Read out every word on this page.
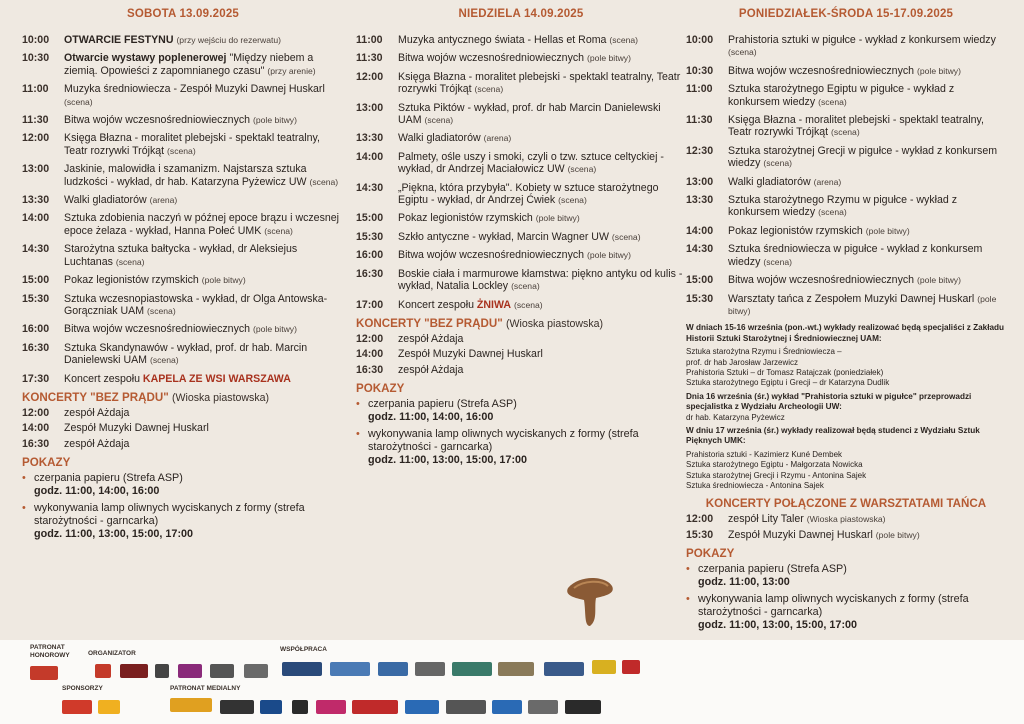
SOBOTA 13.09.2025
10:00	OTWARCIE FESTYNU (przy wejściu do rezerwatu)
10:30	Otwarcie wystawy poplenerowej "Między niebem a ziemią. Opowieści z zapomnianego czasu" (przy arenie)
11:00	Muzyka średniowiecza - Zespół Muzyki Dawnej Huskarl (scena)
11:30	Bitwa wojów wczesnośredniowiecznych (pole bitwy)
12:00	Księga Błazna - moralitet plebejski - spektakl teatralny, Teatr rozrywki Trójkąt (scena)
13:00	Jaskinie, malowidła i szamanizm. Najstarsza sztuka ludzkości - wykład, dr hab. Katarzyna Pyżewicz UW (scena)
13:30	Walki gladiatorów (arena)
14:00	Sztuka zdobienia naczyń w późnej epoce brązu i wczesnej epoce żelaza - wykład, Hanna Połeć UMK (scena)
14:30	Starożytna sztuka bałtycka - wykład, dr Aleksiejus Luchtanas (scena)
15:00	Pokaz legionistów rzymskich (pole bitwy)
15:30	Sztuka wczesnopiastowska - wykład, dr Olga Antowska-Gorączniak UAM (scena)
16:00	Bitwa wojów wczesnośredniowiecznych (pole bitwy)
16:30	Sztuka Skandynawów - wykład, prof. dr hab. Marcin Danielewski UAM (scena)
17:30	Koncert zespołu KAPELA ZE WSI WARSZAWA
KONCERTY "BEZ PRĄDU" (Wioska piastowska)
12:00	zespół Ażdaja
14:00	Zespół Muzyki Dawnej Huskarl
16:30	zespół Ażdaja
POKAZY
• czerpania papieru (Strefa ASP)
godz. 11:00, 14:00, 16:00
• wykonywania lamp oliwnych wyciskanych z formy (strefa starożytności - garncarka)
godz. 11:00, 13:00, 15:00, 17:00
NIEDZIELA 14.09.2025
11:00	Muzyka antycznego świata - Hellas et Roma (scena)
11:30	Bitwa wojów wczesnośredniowiecznych (pole bitwy)
12:00	Księga Błazna - moralitet plebejski - spektakl teatralny, Teatr rozrywki Trójkąt (scena)
13:00	Sztuka Piktów - wykład, prof. dr hab Marcin Danielewski UAM (scena)
13:30	Walki gladiatorów (arena)
14:00	Palmety, ośle uszy i smoki, czyli o tzw. sztuce celtyckiej - wykład, dr Andrzej Maciałowicz UW (scena)
14:30	„Piękna, która przybyła". Kobiety w sztuce starożytnego Egiptu - wykład, dr Andrzej Ćwiek (scena)
15:00	Pokaz legionistów rzymskich (pole bitwy)
15:30	Szkło antyczne - wykład, Marcin Wagner UW (scena)
16:00	Bitwa wojów wczesnośredniowiecznych (pole bitwy)
16:30	Boskie ciała i marmurowe kłamstwa: piękno antyku od kulis - wykład, Natalia Lockley (scena)
17:00	Koncert zespołu ŻNIWA (scena)
KONCERTY "BEZ PRĄDU" (Wioska piastowska)
12:00	zespół Ażdaja
14:00	Zespół Muzyki Dawnej Huskarl
16:30	zespół Ażdaja
POKAZY
• czerpania papieru (Strefa ASP)
godz. 11:00, 14:00, 16:00
• wykonywania lamp oliwnych wyciskanych z formy (strefa starożytności - garncarka)
godz. 11:00, 13:00, 15:00, 17:00
PONIEDZIAŁEK-ŚRODA 15-17.09.2025
10:00	Prahistoria sztuki w pigułce - wykład z konkursem wiedzy (scena)
10:30	Bitwa wojów wczesnośredniowiecznych (pole bitwy)
11:00	Sztuka starożytnego Egiptu w pigułce - wykład z konkursem wiedzy (scena)
11:30	Księga Błazna - moralitet plebejski - spektakl teatralny, Teatr rozrywki Trójkąt (scena)
12:30	Sztuka starożytnej Grecji w pigułce - wykład z konkursem wiedzy (scena)
13:00	Walki gladiatorów (arena)
13:30	Sztuka starożytnego Rzymu w pigułce - wykład z konkursem wiedzy (scena)
14:00	Pokaz legionistów rzymskich (pole bitwy)
14:30	Sztuka średniowiecza w pigułce - wykład z konkursem wiedzy (scena)
15:00	Bitwa wojów wczesnośredniowiecznych (pole bitwy)
15:30	Warsztaty tańca z Zespołem Muzyki Dawnej Huskarl (pole bitwy)

W dniach 15-16 września (pon.-wt.) wykłady realizować będą specjaliści z Zakładu Historii Sztuki Starożytnej i Średniowiecznej UAM:

Sztuka starożytna Rzymu i Średniowiecza –
prof. dr hab Jarosław Jarzewicz
Prahistoria Sztuki – dr Tomasz Ratajczak (poniedziałek)
Sztuka starożytnego Egiptu i Grecji – dr Katarzyna Dudlik

Dnia 16 września (śr.) wykład "Prahistoria sztuki w pigułce" przeprowadzi specjalistka z Wydziału Archeologii UW:
dr hab. Katarzyna Pyżewicz

W dniu 17 września (śr.) wykłady realizował będą studenci z Wydziału Sztuk Pięknych UMK:

Prahistoria sztuki - Kazimierz Kuné Dembek
Sztuka starożytnego Egiptu - Małgorzata Nowicka
Sztuka starożytnej Grecji i Rzymu - Antonina Sajek
Sztuka średniowiecza - Antonina Sajek

KONCERTY POŁĄCZONE Z WARSZTATAMI TAŃCA
12:00	zespół Lity Taler (Wioska piastowska)
15:30	Zespół Muzyki Dawnej Huskarl (pole bitwy)
POKAZY
• czerpania papieru (Strefa ASP)
godz. 11:00, 13:00
• wykonywania lamp oliwnych wyciskanych z formy (strefa starożytności - garncarka)
godz. 11:00, 13:00, 15:00, 17:00
PATRONAT HONOROWY	ORGANIZATOR
WSPÓŁPRACA
SPONSORZY	PATRONAT MEDIALNY
